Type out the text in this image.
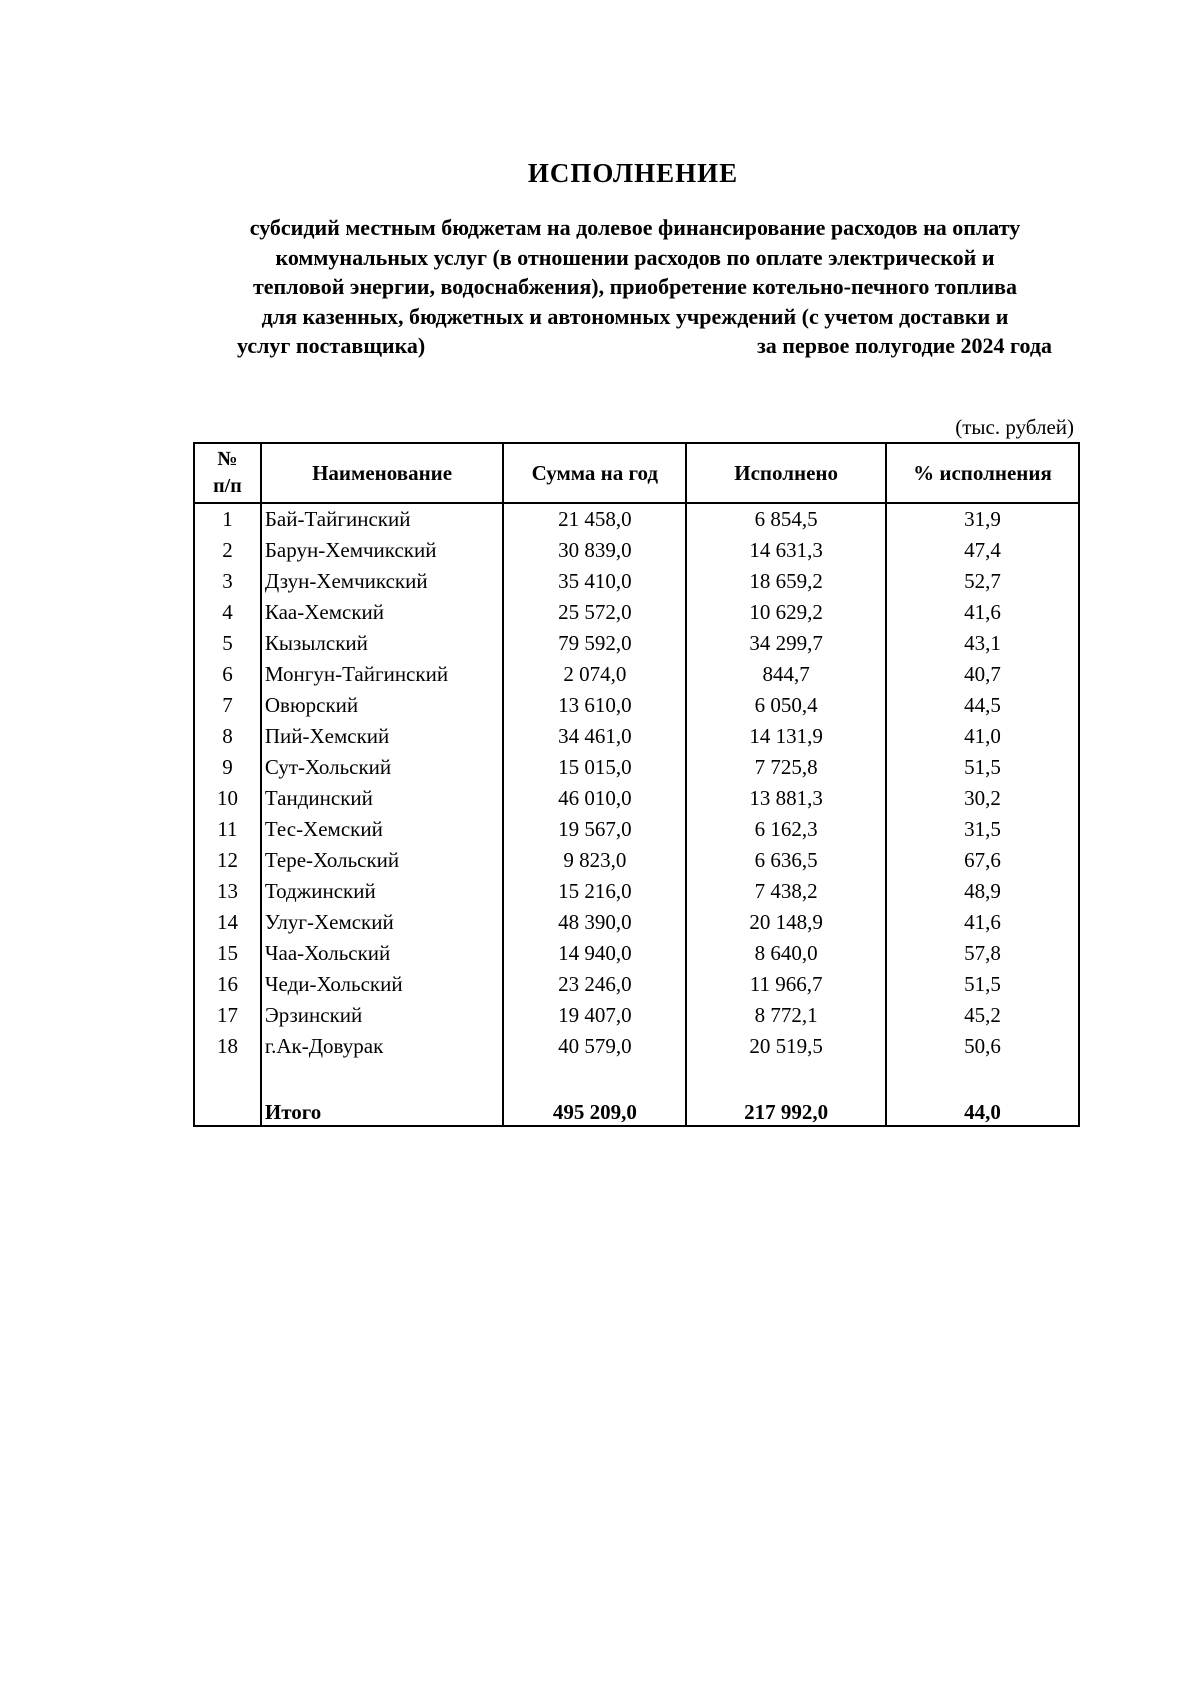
ИСПОЛНЕНИЕ
субсидий местным бюджетам на долевое финансирование расходов на оплату
коммунальных услуг (в отношении расходов по оплате электрической и
тепловой энергии, водоснабжения), приобретение котельно-печного топлива
для казенных, бюджетных и автономных учреждений (с учетом доставки и
услуг поставщика)	за первое полугодие 2024 года
(тыс. рублей)
№
п/п	Наименование	Сумма на год	Исполнено	% исполнения
1	Бай-Тайгинский	21 458,0	6 854,5	31,9
2	Барун-Хемчикский	30 839,0	14 631,3	47,4
3	Дзун-Хемчикский	35 410,0	18 659,2	52,7
4	Каа-Хемский	25 572,0	10 629,2	41,6
5	Кызылский	79 592,0	34 299,7	43,1
6	Монгун-Тайгинский	2 074,0	844,7	40,7
7	Овюрский	13 610,0	6 050,4	44,5
8	Пий-Хемский	34 461,0	14 131,9	41,0
9	Сут-Хольский	15 015,0	7 725,8	51,5
10	Тандинский	46 010,0	13 881,3	30,2
11	Тес-Хемский	19 567,0	6 162,3	31,5
12	Тере-Хольский	9 823,0	6 636,5	67,6
13	Тоджинский	15 216,0	7 438,2	48,9
14	Улуг-Хемский	48 390,0	20 148,9	41,6
15	Чаа-Хольский	14 940,0	8 640,0	57,8
16	Чеди-Хольский	23 246,0	11 966,7	51,5
17	Эрзинский	19 407,0	8 772,1	45,2
18	г.Ак-Довурак	40 579,0	20 519,5	50,6

	Итого	495 209,0	217 992,0	44,0
